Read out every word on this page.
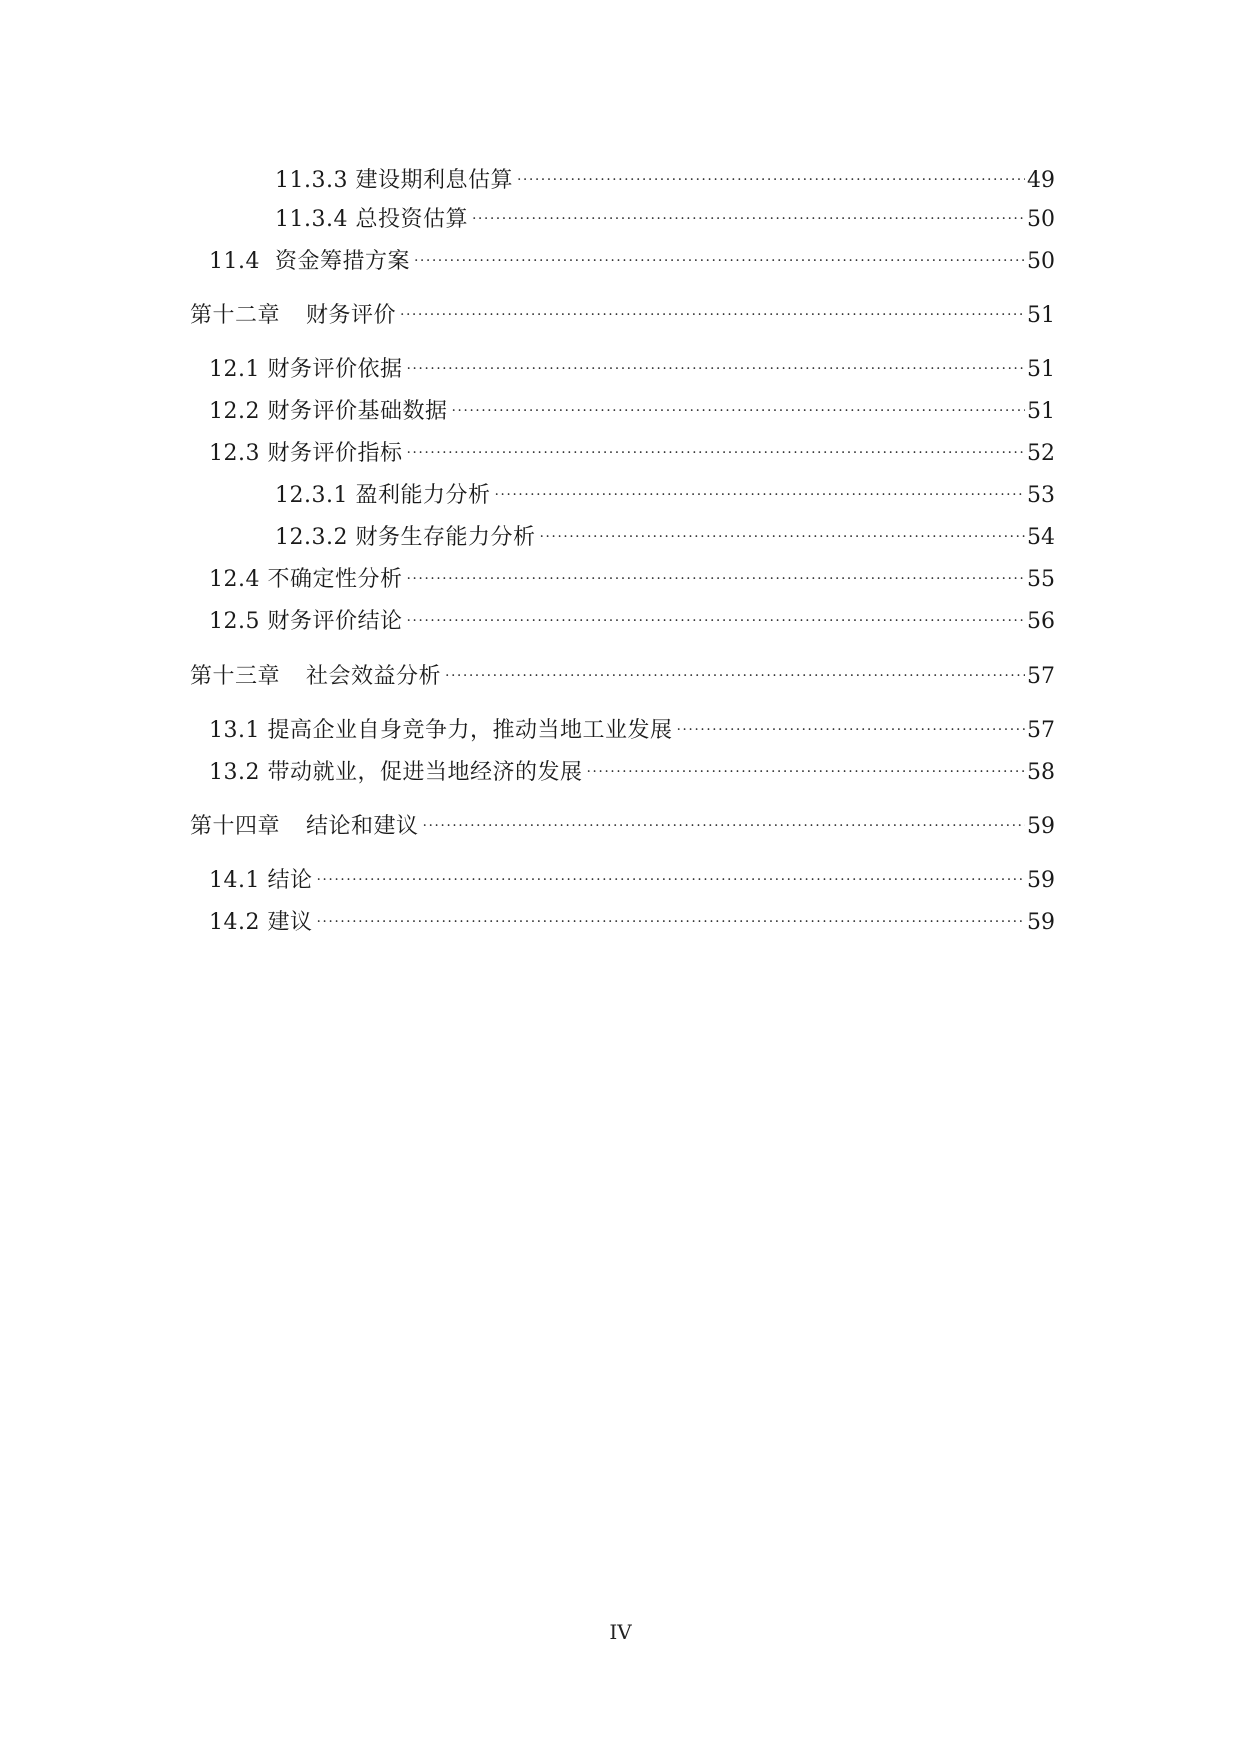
11.3.3 建设期利息估算 .....	49
11.3.4 总投资估算 .....	50
11.4  资金筹措方案 .....	50
第十二章 财务评价 .....	51
12.1 财务评价依据 .....	51
12.2 财务评价基础数据 .....	51
12.3 财务评价指标 .....	52
12.3.1 盈利能力分析 .....	53
12.3.2 财务生存能力分析 .....	54
12.4 不确定性分析 .....	55
12.5 财务评价结论 .....	56
第十三章 社会效益分析 .....	57
13.1 提高企业自身竞争力，推动当地工业发展 .....	57
13.2 带动就业，促进当地经济的发展 .....	58
第十四章 结论和建议 .....	59
14.1 结论 .....	59
14.2 建议 .....	59
IV
